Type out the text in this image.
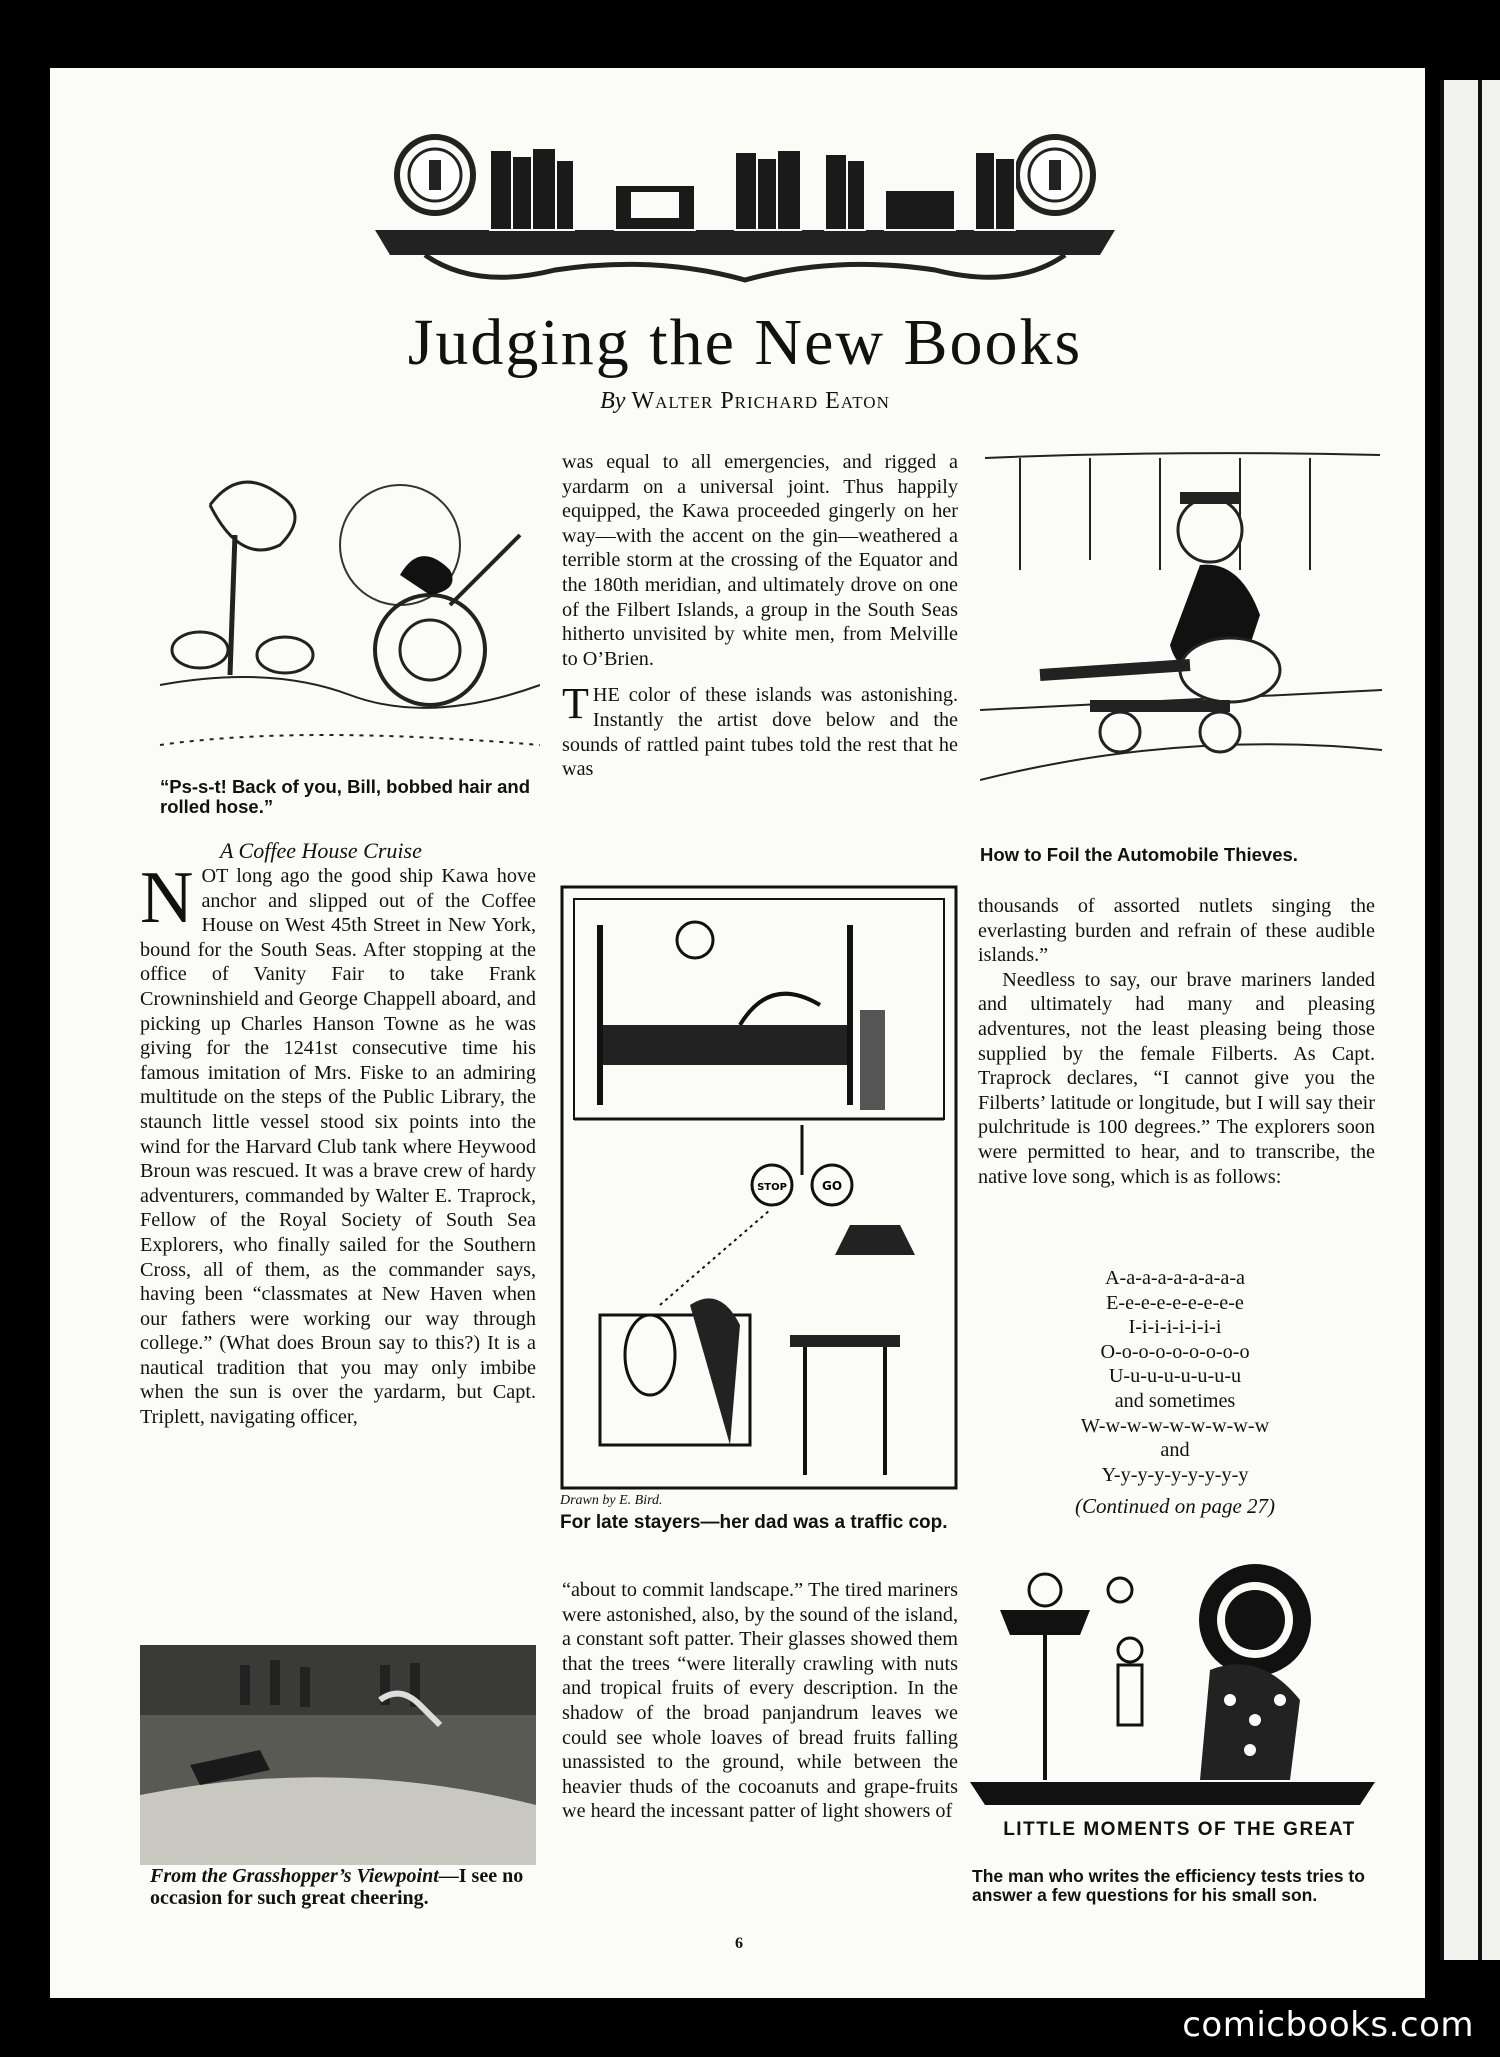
Judging the New Books
By Walter Prichard Eaton
“Ps-s-t! Back of you, Bill, bobbed hair and rolled hose.”
A Coffee House Cruise

NOT long ago the good ship Kawa hove anchor and slipped out of the Coffee House on West 45th Street in New York, bound for the South Seas. After stopping at the office of Vanity Fair to take Frank Crowninshield and George Chappell aboard, and picking up Charles Hanson Towne as he was giving for the 1241st consecutive time his famous imitation of Mrs. Fiske to an admiring multitude on the steps of the Public Library, the staunch little vessel stood six points into the wind for the Harvard Club tank where Heywood Broun was rescued. It was a brave crew of hardy adventurers, commanded by Walter E. Traprock, Fellow of the Royal Society of South Sea Explorers, who finally sailed for the Southern Cross, all of them, as the commander says, having been “classmates at New Haven when our fathers were working our way through college.” (What does Broun say to this?) It is a nautical tradition that you may only imbibe when the sun is over the yardarm, but Capt. Triplett, navigating officer,

From the Grasshopper’s Viewpoint—I see no occasion for such great cheering.

was equal to all emergencies, and rigged a yardarm on a universal joint. Thus happily equipped, the Kawa proceeded gingerly on her way—with the accent on the gin—weathered a terrible storm at the crossing of the Equator and the 180th meridian, and ultimately drove on one of the Filbert Islands, a group in the South Seas hitherto unvisited by white men, from Melville to O’Brien.

THE color of these islands was astonishing. Instantly the artist dove below and the sounds of rattled paint tubes told the rest that he was

STOP	GO
Drawn by E. Bird.
For late stayers—her dad was a traffic cop.

“about to commit landscape.” The tired mariners were astonished, also, by the sound of the island, a constant soft patter. Their glasses showed them that the trees “were literally crawling with nuts and tropical fruits of every description. In the shadow of the broad panjandrum leaves we could see whole loaves of bread fruits falling unassisted to the ground, while between the heavier thuds of the cocoanuts and grape-fruits we heard the incessant patter of light showers of

How to Foil the Automobile Thieves.

thousands of assorted nutlets singing the everlasting burden and refrain of these audible islands.”

Needless to say, our brave mariners landed and ultimately had many and pleasing adventures, not the least pleasing being those supplied by the female Filberts. As Capt. Traprock declares, “I cannot give you the Filberts’ latitude or longitude, but I will say their pulchritude is 100 degrees.” The explorers soon were permitted to hear, and to transcribe, the native love song, which is as follows:

A-a-a-a-a-a-a-a-a
E-e-e-e-e-e-e-e-e
I-i-i-i-i-i-i-i
O-o-o-o-o-o-o-o-o
U-u-u-u-u-u-u-u
and sometimes
W-w-w-w-w-w-w-w-w
and
Y-y-y-y-y-y-y-y-y
(Continued on page 27)
LITTLE MOMENTS OF THE GREAT
The man who writes the efficiency tests tries to answer a few questions for his small son.
6
comicbooks.com
